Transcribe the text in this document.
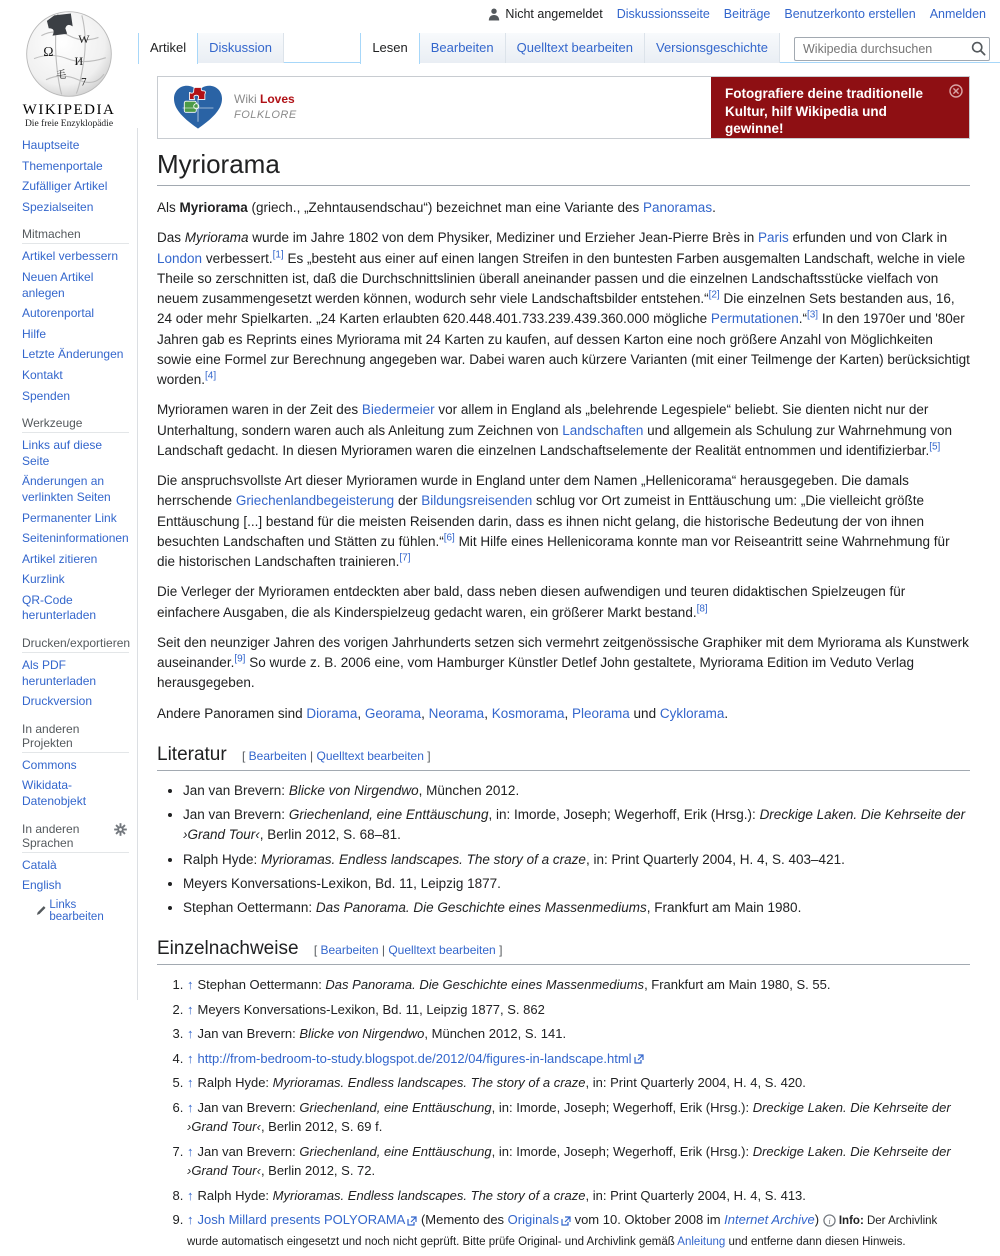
Nicht angemeldet Diskussionsseite Beiträge Benutzerkonto erstellen Anmelden
Artikel	Diskussion	Lesen	Bearbeiten	Quelltext bearbeiten	Versionsgeschichte
Wikipedia durchsuchen
Ω
W
И
7
毛
WIKIPEDIA
Die freie Enzyklopädie
Hauptseite
Themenportale
Zufälliger Artikel
Spezialseiten
Mitmachen
Artikel verbessern
Neuen Artikel anlegen
Autorenportal
Hilfe
Letzte Änderungen
Kontakt
Spenden
Werkzeuge
Links auf diese Seite
Änderungen an verlinkten Seiten
Permanenter Link
Seiteninformationen
Artikel zitieren
Kurzlink
QR-Code herunterladen
Drucken/exportieren
Als PDF herunterladen
Druckversion
In anderen Projekten
Commons
Wikidata-Datenobjekt
In anderen Sprachen
Català
English
Links bearbeiten
Wiki Loves
FOLKLORE
Fotografiere deine traditionelle Kultur, hilf Wikipedia und gewinne!
Myriorama
Als Myriorama (griech., „Zehntausendschau“) bezeichnet man eine Variante des Panoramas.
Das Myriorama wurde im Jahre 1802 von dem Physiker, Mediziner und Erzieher Jean-Pierre Brès in Paris erfunden und von Clark in London verbessert.[1] Es „besteht aus einer auf einen langen Streifen in den buntesten Farben ausgemalten Landschaft, welche in viele Theile so zerschnitten ist, daß die Durchschnittslinien überall aneinander passen und die einzelnen Landschaftsstücke vielfach von neuem zusammengesetzt werden können, wodurch sehr viele Landschaftsbilder entstehen.“[2] Die einzelnen Sets bestanden aus, 16, 24 oder mehr Spielkarten. „24 Karten erlaubten 620.448.401.733.239.439.360.000 mögliche Permutationen.“[3] In den 1970er und '80er Jahren gab es Reprints eines Myriorama mit 24 Karten zu kaufen, auf dessen Karton eine noch größere Anzahl von Möglichkeiten sowie eine Formel zur Berechnung angegeben war. Dabei waren auch kürzere Varianten (mit einer Teilmenge der Karten) berücksichtigt worden.[4]
Myrioramen waren in der Zeit des Biedermeier vor allem in England als „belehrende Legespiele“ beliebt. Sie dienten nicht nur der Unterhaltung, sondern waren auch als Anleitung zum Zeichnen von Landschaften und allgemein als Schulung zur Wahrnehmung von Landschaft gedacht. In diesen Myrioramen waren die einzelnen Landschaftselemente der Realität entnommen und identifizierbar.[5]
Die anspruchsvollste Art dieser Myrioramen wurde in England unter dem Namen „Hellenicorama“ herausgegeben. Die damals herrschende Griechenlandbegeisterung der Bildungsreisenden schlug vor Ort zumeist in Enttäuschung um: „Die vielleicht größte Enttäuschung [...] bestand für die meisten Reisenden darin, dass es ihnen nicht gelang, die historische Bedeutung der von ihnen besuchten Landschaften und Stätten zu fühlen.“[6] Mit Hilfe eines Hellenicorama konnte man vor Reiseantritt seine Wahrnehmung für die historischen Landschaften trainieren.[7]
Die Verleger der Myrioramen entdeckten aber bald, dass neben diesen aufwendigen und teuren didaktischen Spielzeugen für einfachere Ausgaben, die als Kinderspielzeug gedacht waren, ein größerer Markt bestand.[8]
Seit den neunziger Jahren des vorigen Jahrhunderts setzen sich vermehrt zeitgenössische Graphiker mit dem Myriorama als Kunstwerk auseinander.[9] So wurde z. B. 2006 eine, vom Hamburger Künstler Detlef John gestaltete, Myriorama Edition im Veduto Verlag herausgegeben.
Andere Panoramen sind Diorama, Georama, Neorama, Kosmorama, Pleorama und Cyklorama.
Literatur [ Bearbeiten | Quelltext bearbeiten ]
• Jan van Brevern: Blicke von Nirgendwo, München 2012.
• Jan van Brevern: Griechenland, eine Enttäuschung, in: Imorde, Joseph; Wegerhoff, Erik (Hrsg.): Dreckige Laken. Die Kehrseite der ›Grand Tour‹, Berlin 2012, S. 68–81.
• Ralph Hyde: Myrioramas. Endless landscapes. The story of a craze, in: Print Quarterly 2004, H. 4, S. 403–421.
• Meyers Konversations-Lexikon, Bd. 11, Leipzig 1877.
• Stephan Oettermann: Das Panorama. Die Geschichte eines Massenmediums, Frankfurt am Main 1980.
Einzelnachweise [ Bearbeiten | Quelltext bearbeiten ]
1. ↑ Stephan Oettermann: Das Panorama. Die Geschichte eines Massenmediums, Frankfurt am Main 1980, S. 55.
2. ↑ Meyers Konversations-Lexikon, Bd. 11, Leipzig 1877, S. 862
3. ↑ Jan van Brevern: Blicke von Nirgendwo, München 2012, S. 141.
4. ↑ http://from-bedroom-to-study.blogspot.de/2012/04/figures-in-landscape.html
5. ↑ Ralph Hyde: Myrioramas. Endless landscapes. The story of a craze, in: Print Quarterly 2004, H. 4, S. 420.
6. ↑ Jan van Brevern: Griechenland, eine Enttäuschung, in: Imorde, Joseph; Wegerhoff, Erik (Hrsg.): Dreckige Laken. Die Kehrseite der ›Grand Tour‹, Berlin 2012, S. 69 f.
7. ↑ Jan van Brevern: Griechenland, eine Enttäuschung, in: Imorde, Joseph; Wegerhoff, Erik (Hrsg.): Dreckige Laken. Die Kehrseite der ›Grand Tour‹, Berlin 2012, S. 72.
8. ↑ Ralph Hyde: Myrioramas. Endless landscapes. The story of a craze, in: Print Quarterly 2004, H. 4, S. 413.
9. ↑ Josh Millard presents POLYORAMA (Memento des Originals vom 10. Oktober 2008 im Internet Archive) i Info: Der Archivlink wurde automatisch eingesetzt und noch nicht geprüft. Bitte prüfe Original- und Archivlink gemäß Anleitung und entferne dann diesen Hinweis.
